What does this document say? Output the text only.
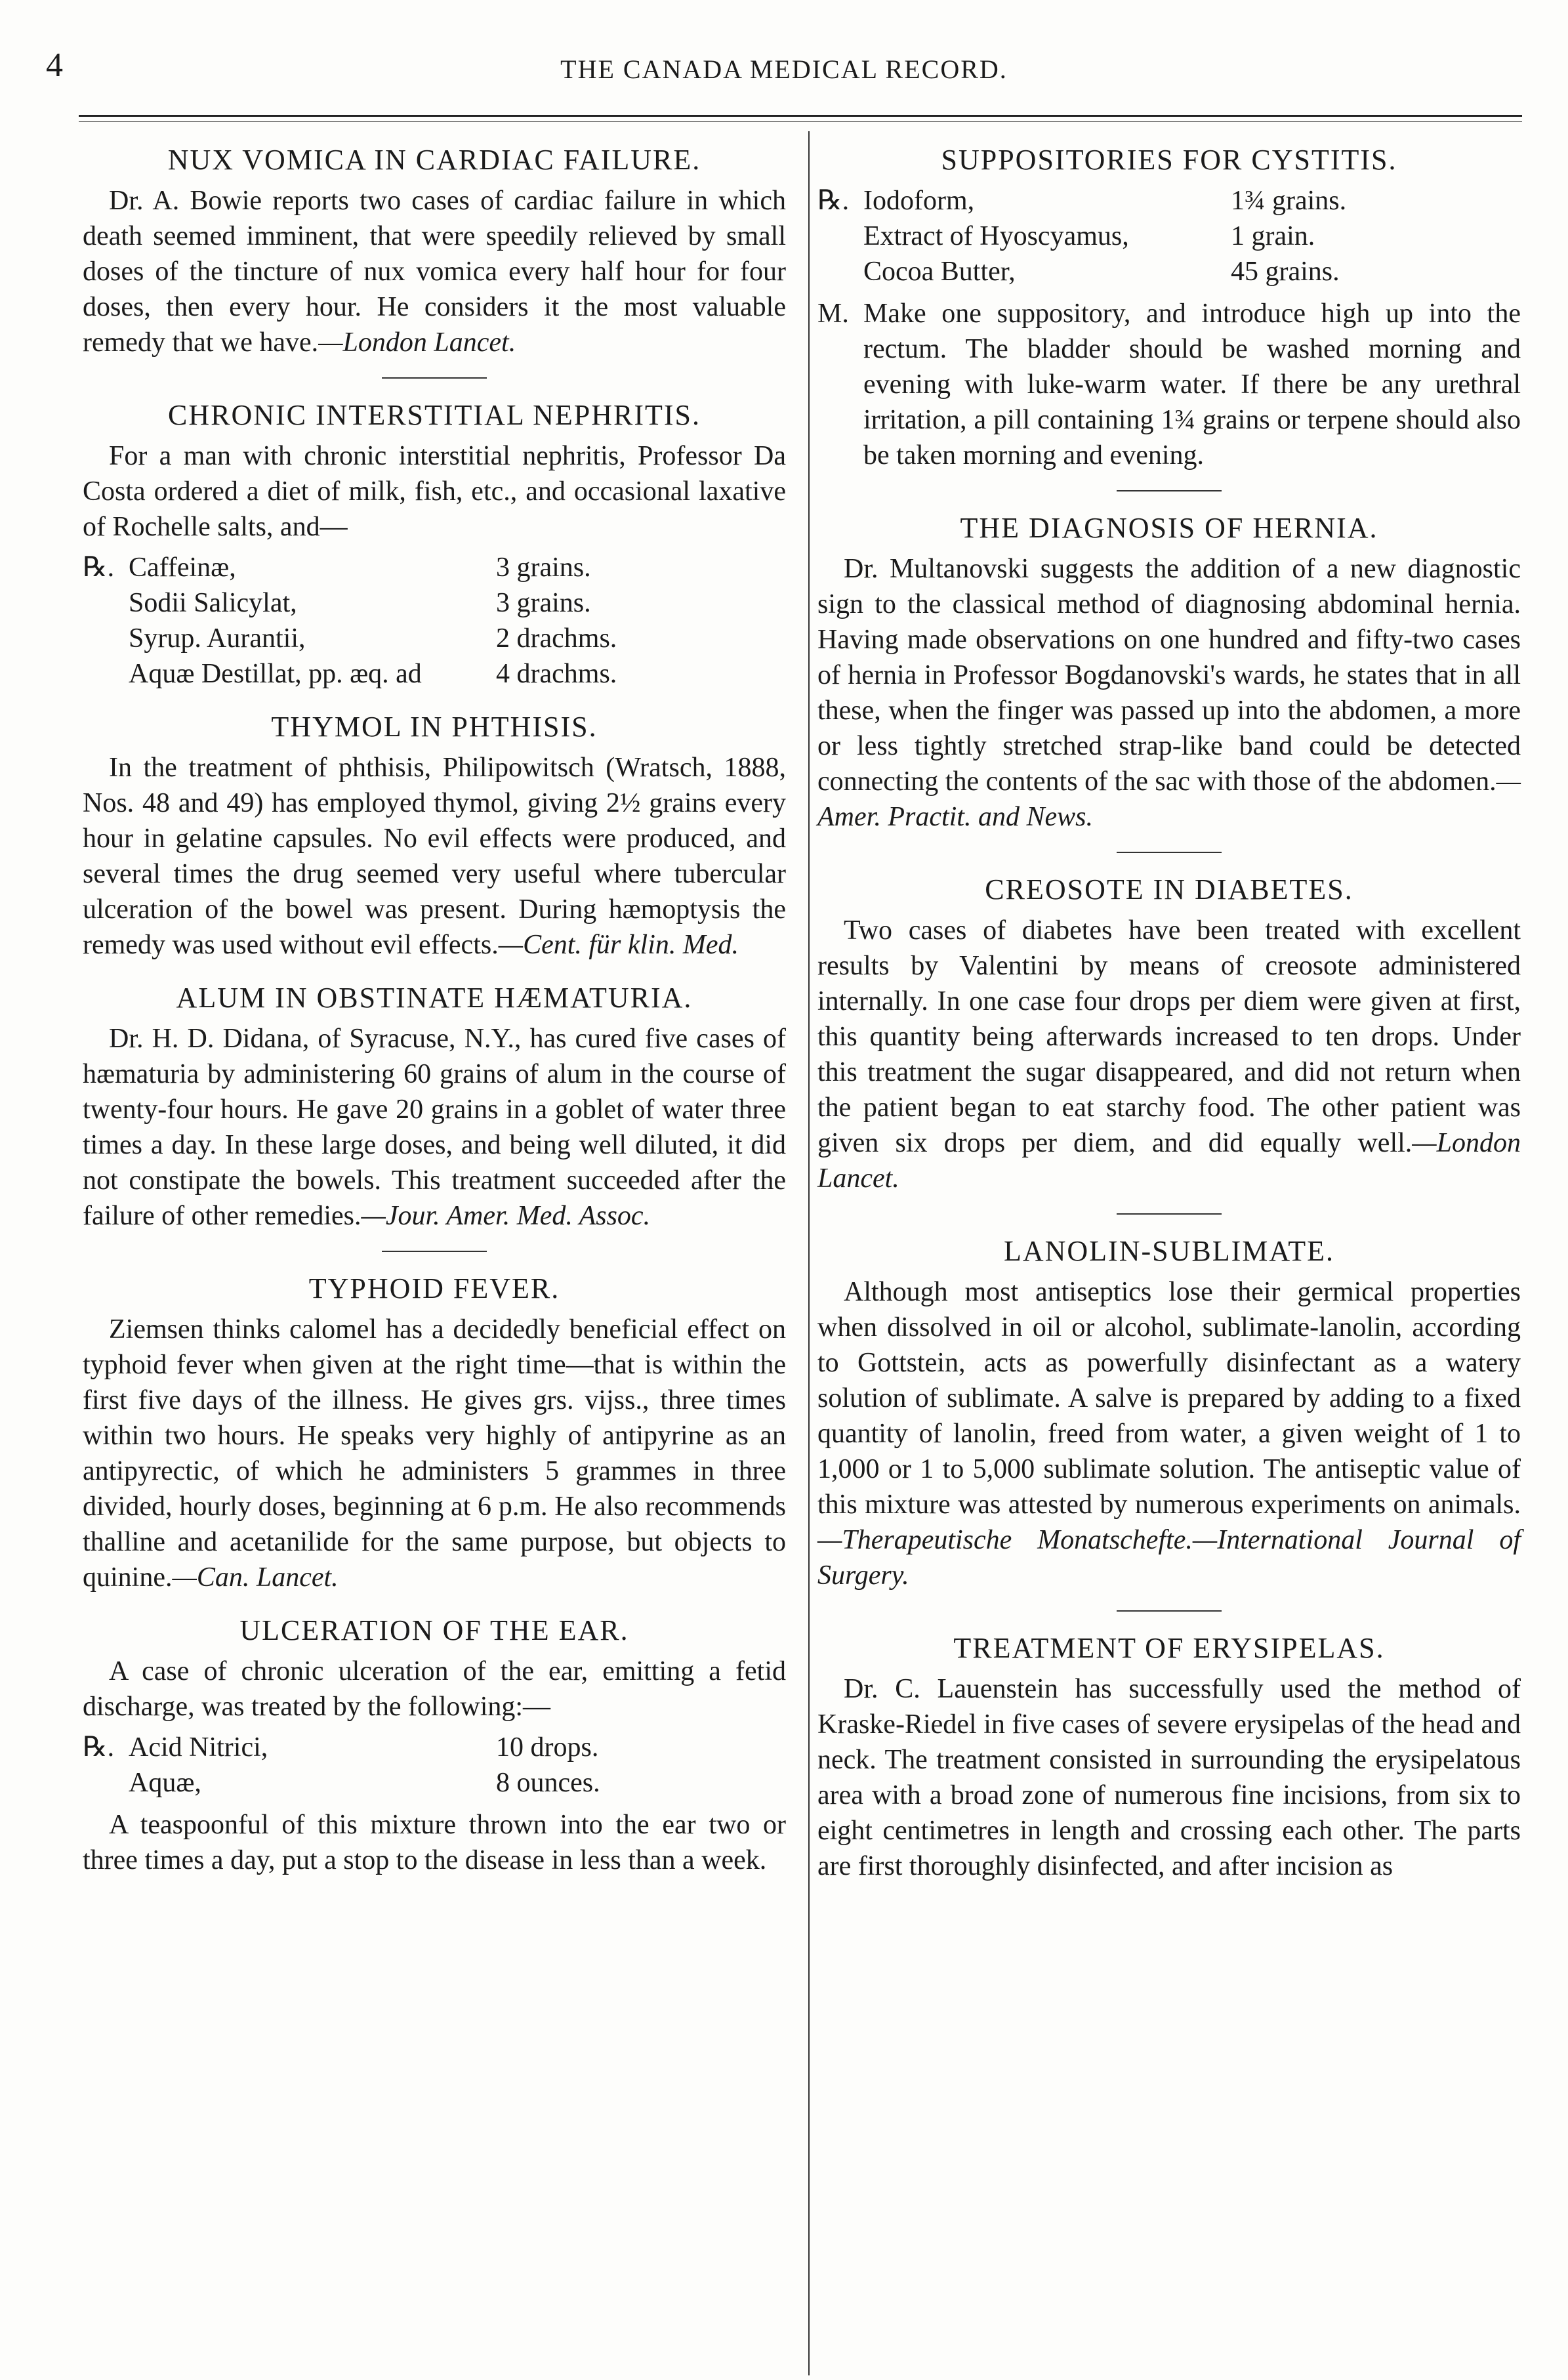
4	THE CANADA MEDICAL RECORD.
NUX VOMICA IN CARDIAC FAILURE.

Dr. A. Bowie reports two cases of cardiac failure in which death seemed imminent, that were speedily relieved by small doses of the tincture of nux vomica every half hour for four doses, then every hour. He considers it the most valuable remedy that we have.—London Lancet.

CHRONIC INTERSTITIAL NEPHRITIS.

For a man with chronic interstitial nephritis, Professor Da Costa ordered a diet of milk, fish, etc., and occasional laxative of Rochelle salts, and—

℞. Caffeinæ,	3 grains.
Sodii Salicylat,	3 grains.
Syrup. Aurantii,	2 drachms.
Aquæ Destillat, pp. æq. ad	4 drachms.
THYMOL IN PHTHISIS.

In the treatment of phthisis, Philipowitsch (Wratsch, 1888, Nos. 48 and 49) has employed thymol, giving 2½ grains every hour in gelatine capsules. No evil effects were produced, and several times the drug seemed very useful where tubercular ulceration of the bowel was present. During hæmoptysis the remedy was used without evil effects.—Cent. für klin. Med.

ALUM IN OBSTINATE HÆMATURIA.

Dr. H. D. Didana, of Syracuse, N.Y., has cured five cases of hæmaturia by administering 60 grains of alum in the course of twenty-four hours. He gave 20 grains in a goblet of water three times a day. In these large doses, and being well diluted, it did not constipate the bowels. This treatment succeeded after the failure of other remedies.—Jour. Amer. Med. Assoc.

TYPHOID FEVER.

Ziemsen thinks calomel has a decidedly beneficial effect on typhoid fever when given at the right time—that is within the first five days of the illness. He gives grs. vijss., three times within two hours. He speaks very highly of antipyrine as an antipyrectic, of which he administers 5 grammes in three divided, hourly doses, beginning at 6 p.m. He also recommends thalline and acetanilide for the same purpose, but objects to quinine.—Can. Lancet.

ULCERATION OF THE EAR.

A case of chronic ulceration of the ear, emitting a fetid discharge, was treated by the following:—

℞. Acid Nitrici,	10 drops.
Aquæ,	8 ounces.

A teaspoonful of this mixture thrown into the ear two or three times a day, put a stop to the disease in less than a week.

SUPPOSITORIES FOR CYSTITIS.
℞. Iodoform,	1¾ grains.
Extract of Hyoscyamus,	1 grain.
Cocoa Butter,	45 grains.
M. Make one suppository, and introduce high up into the rectum. The bladder should be washed morning and evening with luke-warm water. If there be any urethral irritation, a pill containing 1¾ grains or terpene should also be taken morning and evening.

THE DIAGNOSIS OF HERNIA.

Dr. Multanovski suggests the addition of a new diagnostic sign to the classical method of diagnosing abdominal hernia. Having made observations on one hundred and fifty-two cases of hernia in Professor Bogdanovski's wards, he states that in all these, when the finger was passed up into the abdomen, a more or less tightly stretched strap-like band could be detected connecting the contents of the sac with those of the abdomen.—Amer. Practit. and News.

CREOSOTE IN DIABETES.

Two cases of diabetes have been treated with excellent results by Valentini by means of creosote administered internally. In one case four drops per diem were given at first, this quantity being afterwards increased to ten drops. Under this treatment the sugar disappeared, and did not return when the patient began to eat starchy food. The other patient was given six drops per diem, and did equally well.—London Lancet.

LANOLIN-SUBLIMATE.

Although most antiseptics lose their germical properties when dissolved in oil or alcohol, sublimate-lanolin, according to Gottstein, acts as powerfully disinfectant as a watery solution of sublimate. A salve is prepared by adding to a fixed quantity of lanolin, freed from water, a given weight of 1 to 1,000 or 1 to 5,000 sublimate solution. The antiseptic value of this mixture was attested by numerous experiments on animals.—Therapeutische Monatschefte.—International Journal of Surgery.

TREATMENT OF ERYSIPELAS.

Dr. C. Lauenstein has successfully used the method of Kraske-Riedel in five cases of severe erysipelas of the head and neck. The treatment consisted in surrounding the erysipelatous area with a broad zone of numerous fine incisions, from six to eight centimetres in length and crossing each other. The parts are first thoroughly disinfected, and after incision as
